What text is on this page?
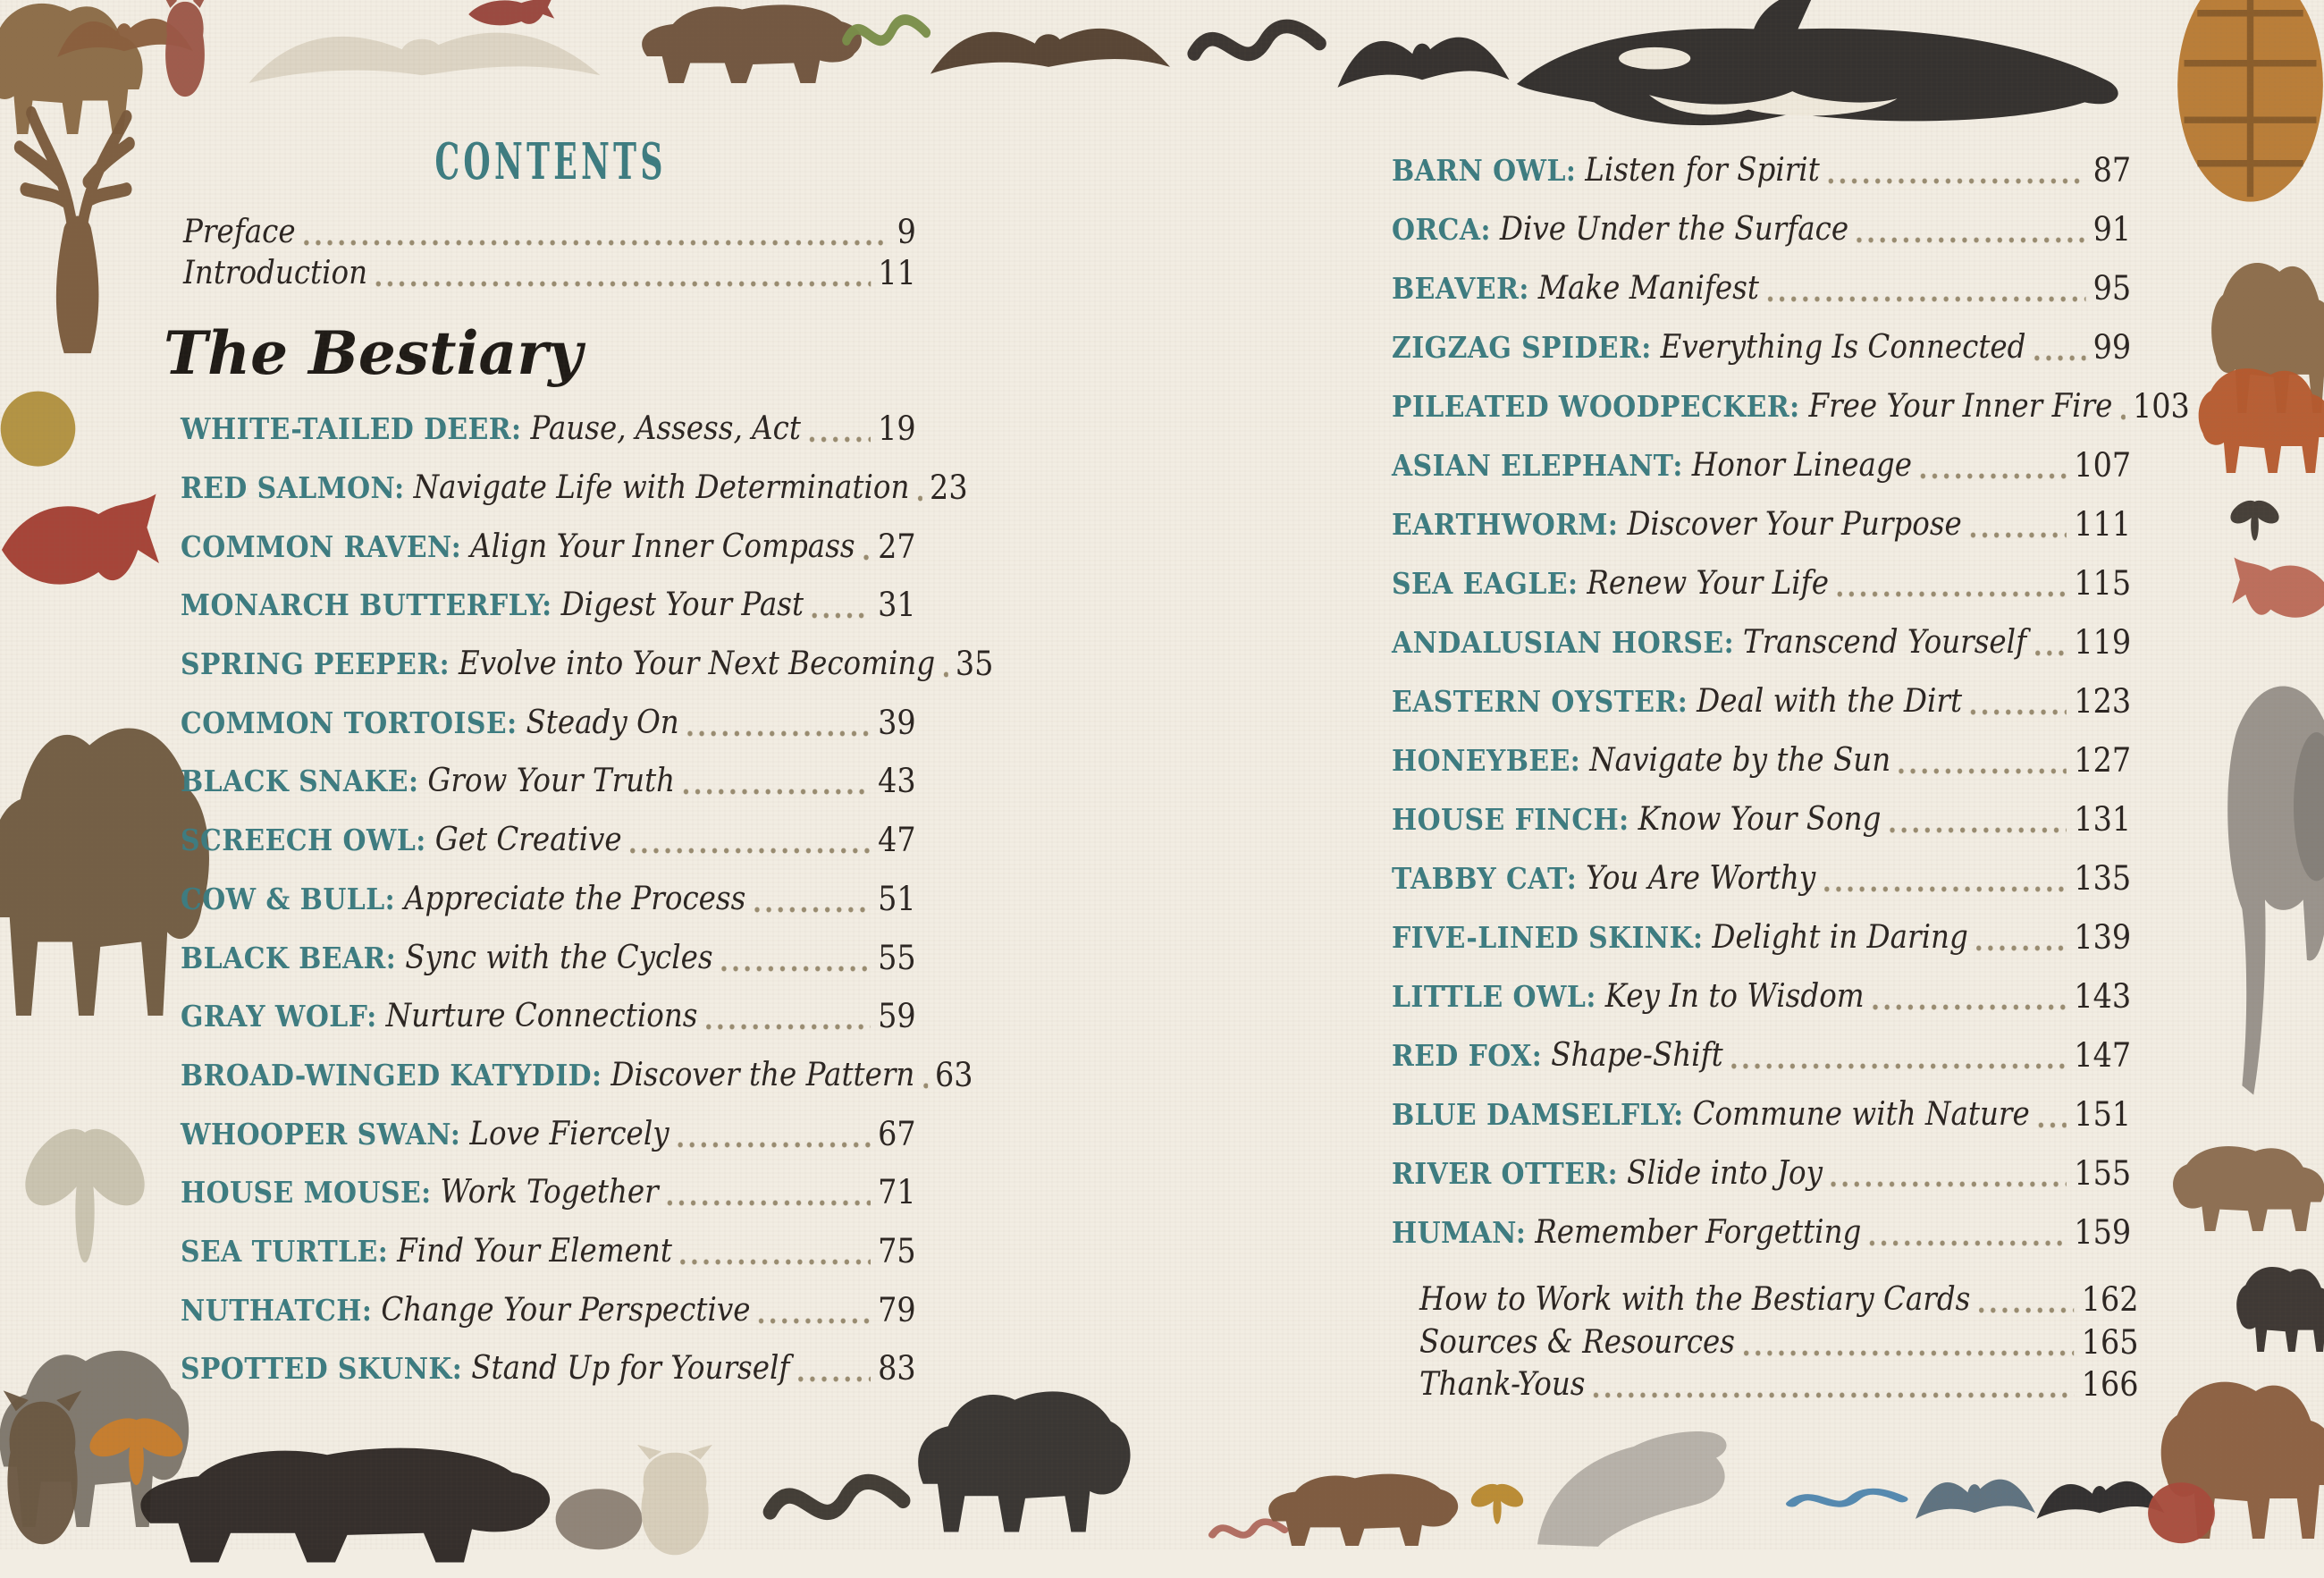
CONTENTS
Preface	9
Introduction	11
The Bestiary
WHITE-TAILED DEER: Pause, Assess, Act 19
RED SALMON: Navigate Life with Determination 23
COMMON RAVEN: Align Your Inner Compass 27
MONARCH BUTTERFLY: Digest Your Past 31
SPRING PEEPER: Evolve into Your Next Becoming 35
COMMON TORTOISE: Steady On	39
BLACK SNAKE: Grow Your Truth	43
SCREECH OWL: Get Creative	47
COW & BULL: Appreciate the Process	51
BLACK BEAR: Sync with the Cycles	55
GRAY WOLF: Nurture Connections	59
BROAD-WINGED KATYDID: Discover the Pattern 63
WHOOPER SWAN: Love Fiercely	67
HOUSE MOUSE: Work Together	71
SEA TURTLE: Find Your Element	75
NUTHATCH: Change Your Perspective	79
SPOTTED SKUNK: Stand Up for Yourself	83
BARN OWL: Listen for Spirit	87
ORCA: Dive Under the Surface	91
BEAVER: Make Manifest	95
ZIGZAG SPIDER: Everything Is Connected 99
PILEATED WOODPECKER: Free Your Inner Fire 103
ASIAN ELEPHANT: Honor Lineage	107
EARTHWORM: Discover Your Purpose	111
SEA EAGLE: Renew Your Life	115
ANDALUSIAN HORSE: Transcend Yourself 119
EASTERN OYSTER: Deal with the Dirt	123
HONEYBEE: Navigate by the Sun	127
HOUSE FINCH: Know Your Song	131
TABBY CAT: You Are Worthy	135
FIVE-LINED SKINK: Delight in Daring	139
LITTLE OWL: Key In to Wisdom	143
RED FOX: Shape-Shift	147
BLUE DAMSELFLY: Commune with Nature 151
RIVER OTTER: Slide into Joy	155
HUMAN: Remember Forgetting	159
How to Work with the Bestiary Cards	162
Sources & Resources	165
Thank-Yous	166
